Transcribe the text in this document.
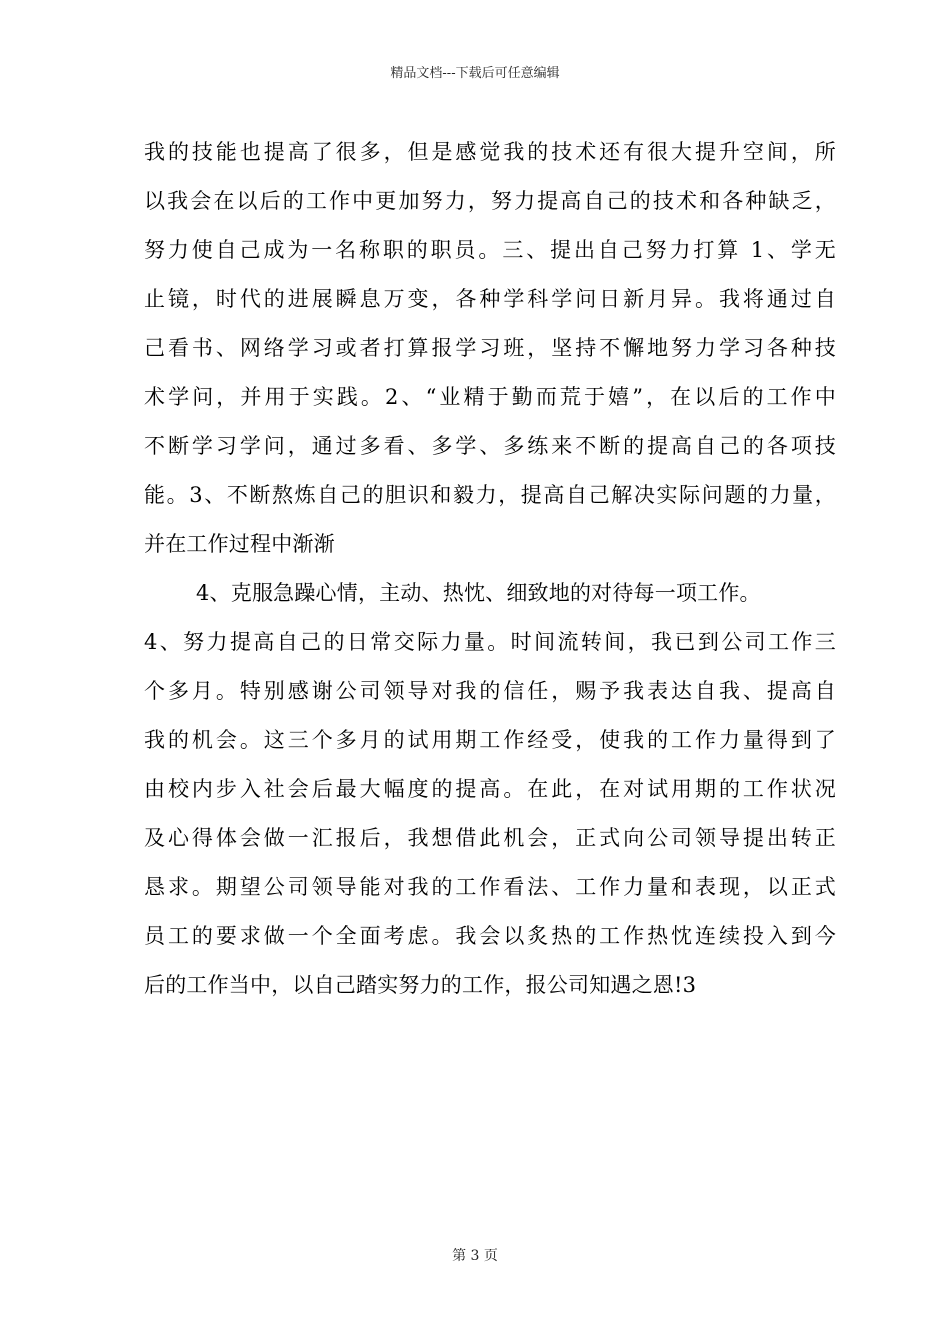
精品文档---下载后可任意编辑
我的技能也提高了很多，但是感觉我的技术还有很大提升空间，所
以我会在以后的工作中更加努力，努力提高自己的技术和各种缺乏，
努力使自己成为一名称职的职员。三、提出自己努力打算 1、学无
止镜，时代的进展瞬息万变，各种学科学问日新月异。我将通过自
己看书、网络学习或者打算报学习班，坚持不懈地努力学习各种技
术学问，并用于实践。2、“业精于勤而荒于嬉”，在以后的工作中
不断学习学问，通过多看、多学、多练来不断的提高自己的各项技
能。3、不断熬炼自己的胆识和毅力，提高自己解决实际问题的力量，
并在工作过程中渐渐
4、克服急躁心情，主动、热忱、细致地的对待每一项工作。
4、努力提高自己的日常交际力量。时间流转间，我已到公司工作三
个多月。特别感谢公司领导对我的信任，赐予我表达自我、提高自
我的机会。这三个多月的试用期工作经受，使我的工作力量得到了
由校内步入社会后最大幅度的提高。在此，在对试用期的工作状况
及心得体会做一汇报后，我想借此机会，正式向公司领导提出转正
恳求。期望公司领导能对我的工作看法、工作力量和表现，以正式
员工的要求做一个全面考虑。我会以炙热的工作热忱连续投入到今
后的工作当中，以自己踏实努力的工作，报公司知遇之恩!3
第 3 页
